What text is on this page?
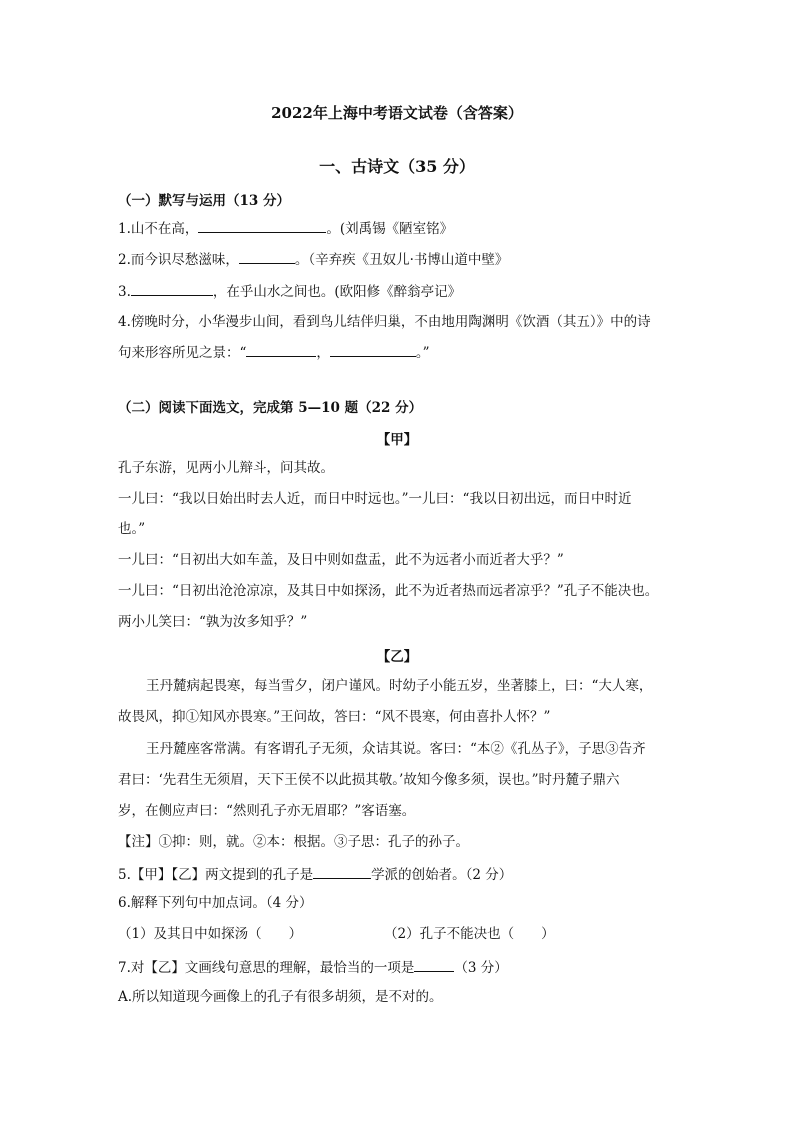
2022年上海中考语文试卷（含答案）
一、古诗文（35 分）
（一）默写与运用（13 分）
1.山不在高，	。(刘禹锡《陋室铭》
2.而今识尽愁滋味，	。（辛弃疾《丑奴儿·书博山道中壁》
3.	，在乎山水之间也。(欧阳修《醉翁亭记》
4.傍晚时分，小华漫步山间，看到鸟儿结伴归巢，不由地用陶渊明《饮酒（其五）》中的诗
句来形容所见之景：“	，	。”
（二）阅读下面选文，完成第 5—10 题（22 分）
【甲】
孔子东游，见两小儿辩斗，问其故。
一儿曰：“我以日始出时去人近，而日中时远也。”一儿曰：“我以日初出远，而日中时近
也。”
一儿曰：“日初出大如车盖，及日中则如盘盂，此不为远者小而近者大乎？”
一儿曰：“日初出沧沧凉凉，及其日中如探汤，此不为近者热而远者凉乎？”孔子不能决也。
两小儿笑曰：“孰为汝多知乎？”
【乙】
王丹麓病起畏寒，每当雪夕，闭户谨风。时幼子小能五岁，坐著膝上，曰：“大人寒，
故畏风，抑①知风亦畏寒。”王问故，答曰：“风不畏寒，何由喜扑人怀？”
王丹麓座客常满。有客谓孔子无须，众诘其说。客曰：“本②《孔丛子》，子思③告齐
君曰：‘先君生无须眉，天下王侯不以此损其敬。’故知今像多须，误也。”时丹麓子鼎六
岁，在侧应声曰：“然则孔子亦无眉耶？”客语塞。
【注】①抑：则，就。②本：根据。③子思：孔子的孙子。
5.【甲】【乙】两文提到的孔子是	学派的创始者。（2 分）
6.解释下列句中加点词。（4 分）
（1）及其日中如探汤（　　）	（2）孔子不能决也（　　）
7.对【乙】文画线句意思的理解，最恰当的一项是	（3 分）
A.所以知道现今画像上的孔子有很多胡须，是不对的。
